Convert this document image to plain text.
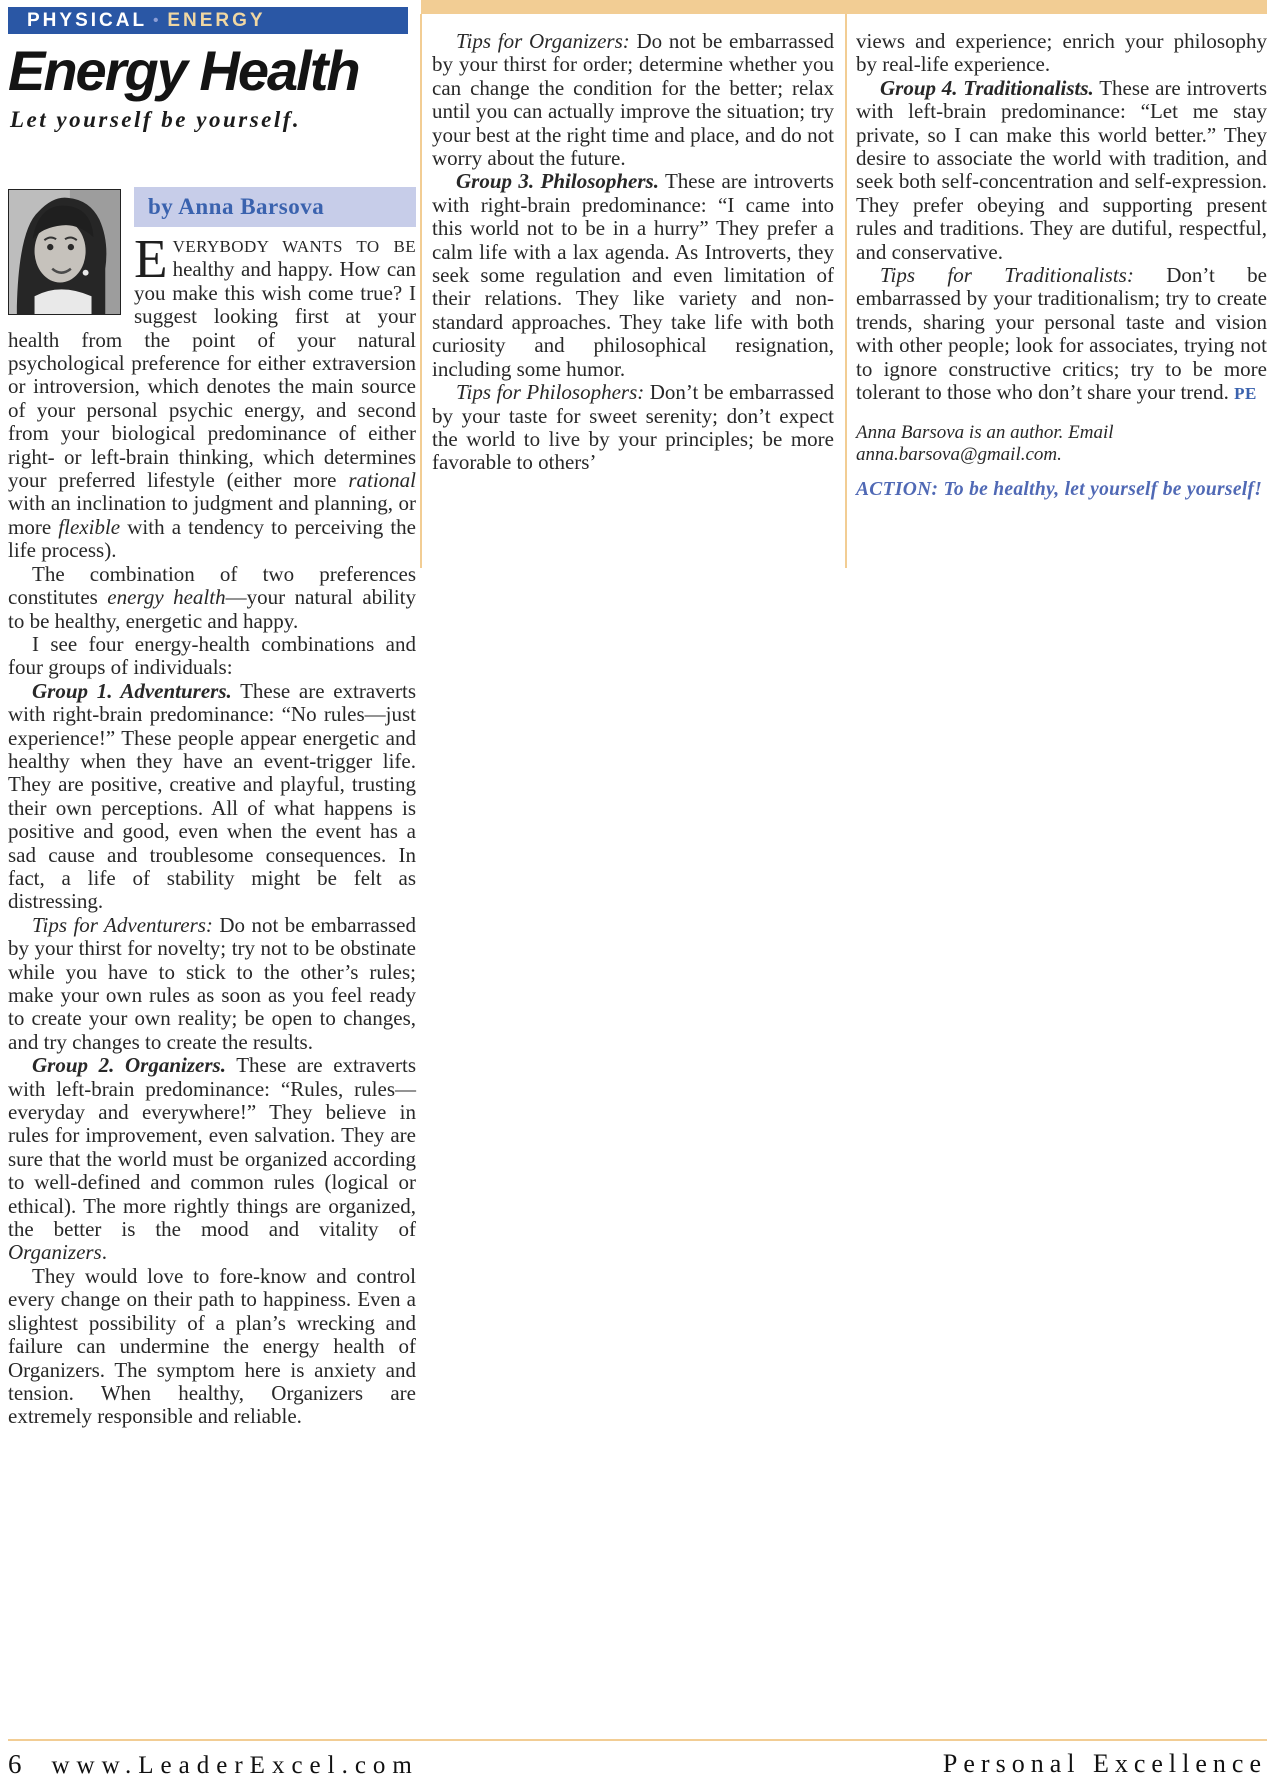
PHYSICAL • ENERGY
Energy Health
Let yourself be yourself.
by Anna Barsova

EVERYBODY WANTS TO BE healthy and happy. How can you make this wish come true? I suggest looking first at your health from the point of your natural psychological preference for either extraversion or introversion, which denotes the main source of your personal psychic energy, and second from your biological predominance of either right- or left-brain thinking, which determines your preferred lifestyle (either more rational with an inclination to judgment and planning, or more flexible with a tendency to perceiving the life process).

The combination of two preferences constitutes energy health—your natural ability to be healthy, energetic and happy.

I see four energy-health combinations and four groups of individuals:

Group 1. Adventurers. These are extraverts with right-brain predominance: “No rules—just experience!” These people appear energetic and healthy when they have an event-trigger life. They are positive, creative and playful, trusting their own perceptions. All of what happens is positive and good, even when the event has a sad cause and troublesome consequences. In fact, a life of stability might be felt as distressing.

Tips for Adventurers: Do not be embarrassed by your thirst for novelty; try not to be obstinate while you have to stick to the other’s rules; make your own rules as soon as you feel ready to create your own reality; be open to changes, and try changes to create the results.

Group 2. Organizers. These are extraverts with left-brain predominance: “Rules, rules—everyday and everywhere!” They believe in rules for improvement, even salvation. They are sure that the world must be organized according to well-defined and common rules (logical or ethical). The more rightly things are organized, the better is the mood and vitality of Organizers.

They would love to fore-know and control every change on their path to happiness. Even a slightest possibility of a plan’s wrecking and failure can undermine the energy health of Organizers. The symptom here is anxiety and tension. When healthy, Organizers are extremely responsible and reliable.

Tips for Organizers: Do not be embarrassed by your thirst for order; determine whether you can change the condition for the better; relax until you can actually improve the situation; try your best at the right time and place, and do not worry about the future.

Group 3. Philosophers. These are introverts with right-brain predominance: “I came into this world not to be in a hurry” They prefer a calm life with a lax agenda. As Introverts, they seek some regulation and even limitation of their relations. They like variety and non-standard approaches. They take life with both curiosity and philosophical resignation, including some humor.

Tips for Philosophers: Don’t be embarrassed by your taste for sweet serenity; don’t expect the world to live by your principles; be more favorable to others’

views and experience; enrich your philosophy by real-life experience.

Group 4. Traditionalists. These are introverts with left-brain predominance: “Let me stay private, so I can make this world better.” They desire to associate the world with tradition, and seek both self-concentration and self-expression. They prefer obeying and supporting present rules and traditions. They are dutiful, respectful, and conservative.

Tips for Traditionalists: Don’t be embarrassed by your traditionalism; try to create trends, sharing your personal taste and vision with other people; look for associates, trying not to ignore constructive critics; try to be more tolerant to those who don’t share your trend. PE

Anna Barsova is an author. Email anna.barsova@gmail.com.

ACTION: To be healthy, let yourself be yourself!

6 www.LeaderExcel.com	Personal Excellence
